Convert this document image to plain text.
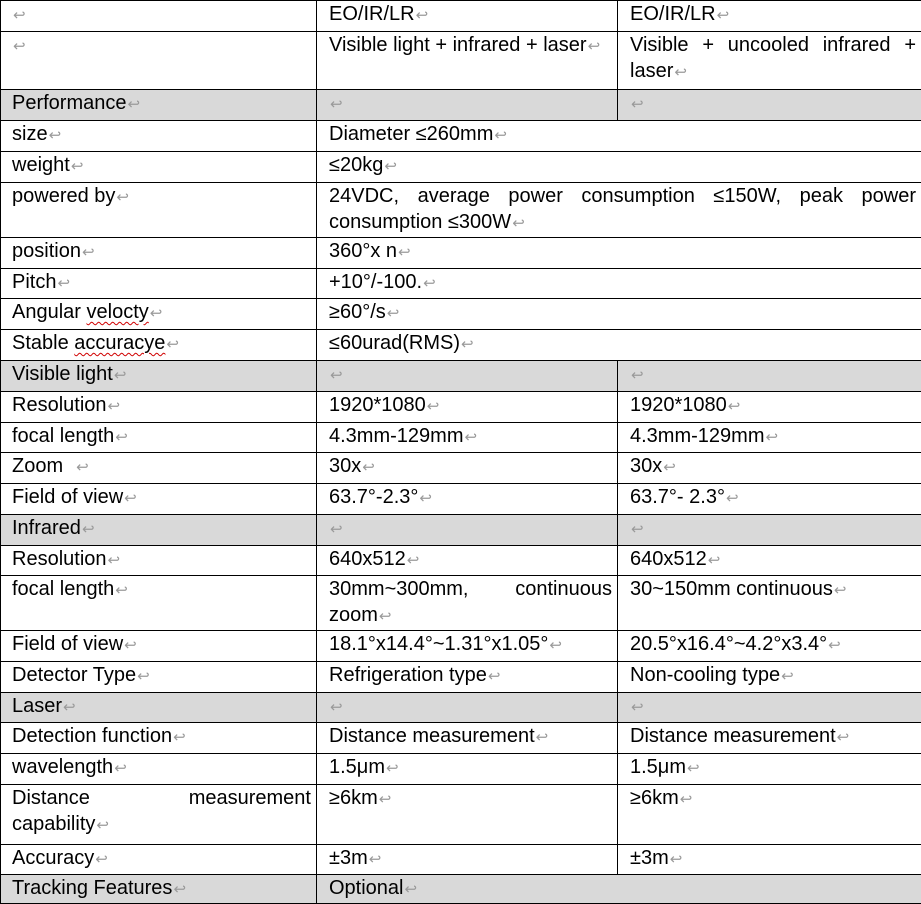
↩	EO/IR/LR↩	EO/IR/LR↩
↩	Visible light + infrared + laser↩	Visible + uncooled infrared + laser↩
Performance↩	↩	↩
size↩	Diameter ≤260mm↩	
weight↩	≤20kg↩	
powered by↩	24VDC, average power consumption ≤150W, peak power consumption ≤300W↩	
position↩	360°x n↩	
Pitch↩	+10°/-100.↩	
Angular velocty↩	≥60°/s↩	
Stable accuracye↩	≤60urad(RMS)↩	
Visible light↩	↩	↩
Resolution↩	1920*1080↩	1920*1080↩
focal length↩	4.3mm-129mm↩	4.3mm-129mm↩
Zoom ↩	30x↩	30x↩
Field of view↩	63.7°-2.3°↩	63.7°- 2.3°↩
Infrared↩	↩	↩
Resolution↩	640x512↩	640x512↩
focal length↩	30mm~300mm, continuous zoom↩	30~150mm continuous↩
Field of view↩	18.1°x14.4°~1.31°x1.05°↩	20.5°x16.4°~4.2°x3.4°↩
Detector Type↩	Refrigeration type↩	Non-cooling type↩
Laser↩	↩	↩
Detection function↩	Distance measurement↩	Distance measurement↩
wavelength↩	1.5μm↩	1.5μm↩
Distance measurement capability↩	≥6km↩	≥6km↩
Accuracy↩	±3m↩	±3m↩
Tracking Features↩	Optional↩	
